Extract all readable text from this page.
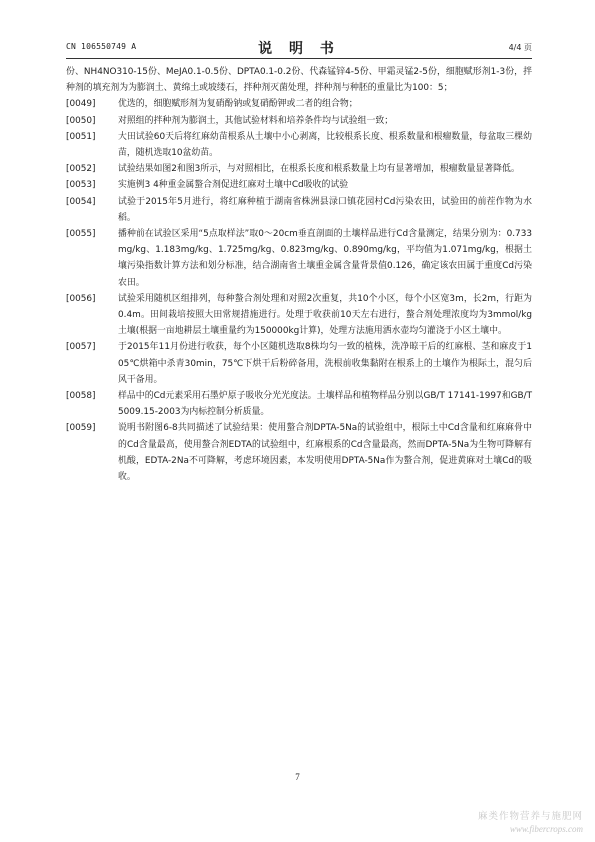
CN 106550749 A	说 明 书	4/4 页
份、NH4NO310-15份、MeJA0.1-0.5份、DPTA0.1-0.2份、代森锰锌4-5份、甲霜灵锰2-5份，细胞赋形剂1-3份，拌种剂的填充剂为为膨润土、黄绵土或坡缕石，拌种剂灭菌处理，拌种剂与种胚的重量比为100：5；
[0049]	优选的，细胞赋形剂为复硝酚钠或复硝酚钾或二者的组合物；
[0050]	对照组的拌种剂为膨润土，其他试验材料和培养条件均与试验组一致；
[0051]	大田试验60天后将红麻幼苗根系从土壤中小心剥离，比较根系长度、根系数量和根瘤数量，每盆取三棵幼苗，随机选取10盆幼苗。
[0052]	试验结果如图2和图3所示，与对照相比，在根系长度和根系数量上均有显著增加，根瘤数量显著降低。
[0053]	实施例3 4种重金属螯合剂促进红麻对土壤中Cd吸收的试验
[0054]	试验于2015年5月进行，将红麻种植于湖南省株洲县渌口镇花园村Cd污染农田，试验田的前茬作物为水稻。
[0055]	播种前在试验区采用“5点取样法”取0～20cm垂直剖面的土壤样品进行Cd含量测定，结果分别为：0.733mg/kg、1.183mg/kg、1.725mg/kg、0.823mg/kg、0.890mg/kg，平均值为1.071mg/kg，根据土壤污染指数计算方法和划分标准，结合湖南省土壤重金属含量背景值0.126，确定该农田属于重度Cd污染农田。
[0056]	试验采用随机区组排列，每种螯合剂处理和对照2次重复，共10个小区，每个小区宽3m，长2m，行距为0.4m。田间栽培按照大田常规措施进行。处理于收获前10天左右进行，螯合剂处理浓度均为3mmol/kg土壤(根据一亩地耕层土壤重量约为150000kg计算)，处理方法施用洒水壶均匀灌浇于小区土壤中。
[0057]	于2015年11月份进行收获，每个小区随机选取8株均匀一致的植株，洗净晾干后的红麻根、茎和麻皮于105℃烘箱中杀青30min，75℃下烘干后粉碎备用，洗根前收集黏附在根系上的土壤作为根际土，混匀后风干备用。
[0058]	样品中的Cd元素采用石墨炉原子吸收分光光度法。土壤样品和植物样品分别以GB/T 17141-1997和GB/T 5009.15-2003为内标控制分析质量。
[0059]	说明书附图6-8共同描述了试验结果：使用螯合剂DPTA-5Na的试验组中，根际土中Cd含量和红麻麻骨中的Cd含量最高，使用螯合剂EDTA的试验组中，红麻根系的Cd含量最高，然而DPTA-5Na为生物可降解有机酸，EDTA-2Na不可降解，考虑环境因素，本发明使用DPTA-5Na作为螯合剂，促进黄麻对土壤Cd的吸收。
7
麻类作物营养与施肥网
www.fibercrops.com
